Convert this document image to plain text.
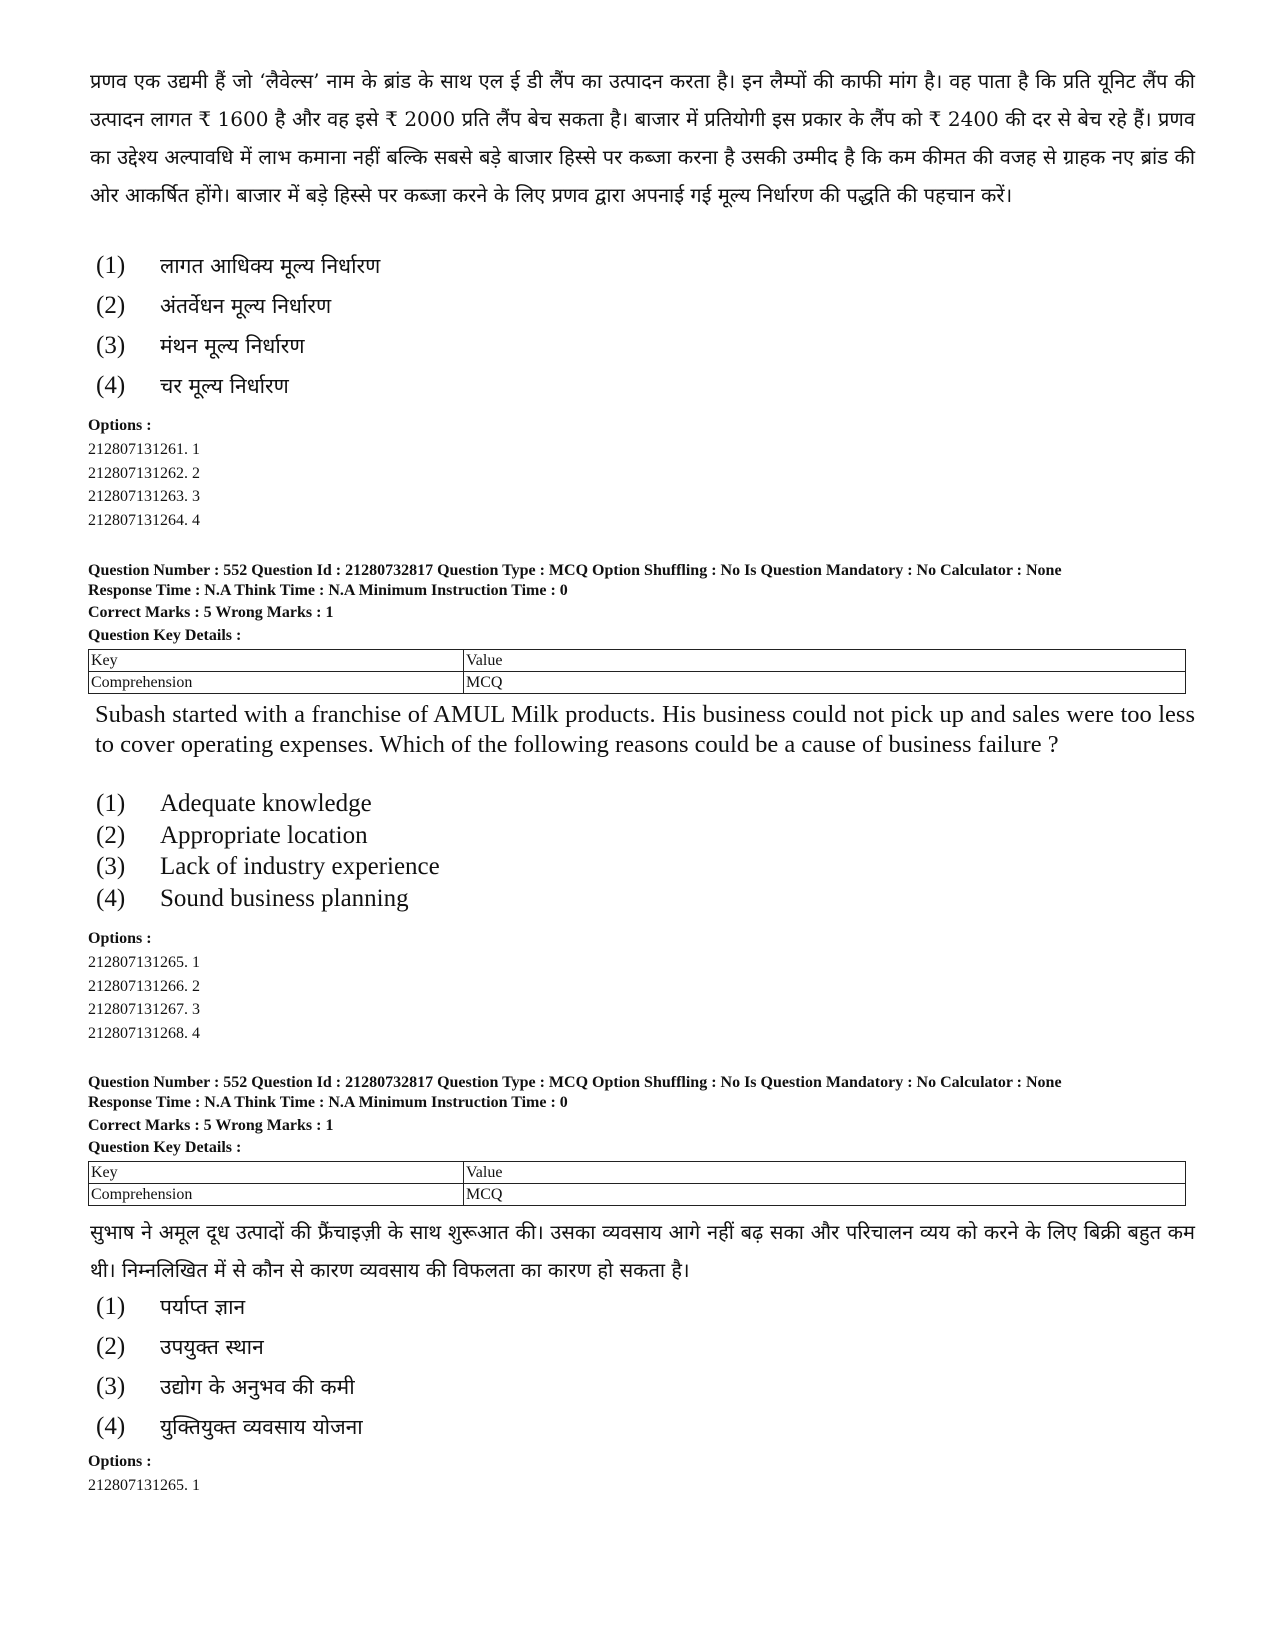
प्रणव एक उद्यमी हैं जो ‘लैवेल्स’ नाम के ब्रांड के साथ एल ई डी लैंप का उत्पादन करता है। इन लैम्पों की काफी मांग है। वह पाता है कि प्रति यूनिट लैंप की उत्पादन लागत ₹ 1600 है और वह इसे ₹ 2000 प्रति लैंप बेच सकता है। बाजार में प्रतियोगी इस प्रकार के लैंप को ₹ 2400 की दर से बेच रहे हैं। प्रणव का उद्देश्य अल्पावधि में लाभ कमाना नहीं बल्कि सबसे बड़े बाजार हिस्से पर कब्जा करना है उसकी उम्मीद है कि कम कीमत की वजह से ग्राहक नए ब्रांड की ओर आकर्षित होंगे। बाजार में बड़े हिस्से पर कब्जा करने के लिए प्रणव द्वारा अपनाई गई मूल्य निर्धारण की पद्धति की पहचान करें।
(1)	लागत आधिक्य मूल्य निर्धारण
(2)	अंतर्वेधन मूल्य निर्धारण
(3)	मंथन मूल्य निर्धारण
(4)	चर मूल्य निर्धारण
Options :
212807131261. 1
212807131262. 2
212807131263. 3
212807131264. 4
Question Number : 552 Question Id : 21280732817 Question Type : MCQ Option Shuffling : No Is Question Mandatory : No Calculator : None
Response Time : N.A Think Time : N.A Minimum Instruction Time : 0
Correct Marks : 5 Wrong Marks : 1
Question Key Details :
Key	Value
Comprehension	MCQ
Subash started with a franchise of AMUL Milk products. His business could not pick up and sales were too less to cover operating expenses. Which of the following reasons could be a cause of business failure ?
(1)	Adequate knowledge
(2)	Appropriate location
(3)	Lack of industry experience
(4)	Sound business planning
Options :
212807131265. 1
212807131266. 2
212807131267. 3
212807131268. 4
Question Number : 552 Question Id : 21280732817 Question Type : MCQ Option Shuffling : No Is Question Mandatory : No Calculator : None
Response Time : N.A Think Time : N.A Minimum Instruction Time : 0
Correct Marks : 5 Wrong Marks : 1
Question Key Details :
Key	Value
Comprehension	MCQ
सुभाष ने अमूल दूध उत्पादों की फ्रैंचाइज़ी के साथ शुरूआत की। उसका व्यवसाय आगे नहीं बढ़ सका और परिचालन व्यय को करने के लिए बिक्री बहुत कम थी। निम्नलिखित में से कौन से कारण व्यवसाय की विफलता का कारण हो सकता है।
(1)	पर्याप्त ज्ञान
(2)	उपयुक्त स्थान
(3)	उद्योग के अनुभव की कमी
(4)	युक्तियुक्त व्यवसाय योजना
Options :
212807131265. 1
